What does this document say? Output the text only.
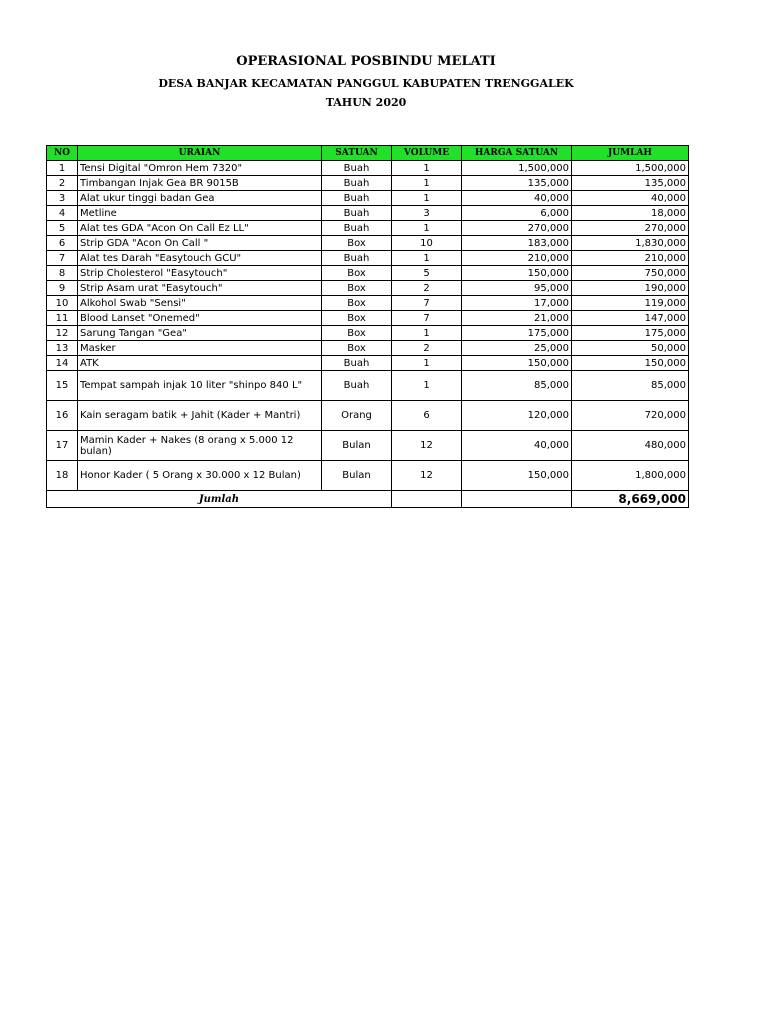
OPERASIONAL POSBINDU MELATI
DESA BANJAR KECAMATAN PANGGUL KABUPATEN TRENGGALEK
TAHUN 2020
NO	URAIAN	SATUAN	VOLUME	HARGA SATUAN	JUMLAH
1	Tensi Digital "Omron Hem 7320"	Buah	1	1,500,000	1,500,000
2	Timbangan Injak Gea BR 9015B	Buah	1	135,000	135,000
3	Alat ukur tinggi badan Gea	Buah	1	40,000	40,000
4	Metline	Buah	3	6,000	18,000
5	Alat tes GDA "Acon On Call Ez LL"	Buah	1	270,000	270,000
6	Strip GDA "Acon On Call "	Box	10	183,000	1,830,000
7	Alat tes Darah "Easytouch GCU"	Buah	1	210,000	210,000
8	Strip Cholesterol "Easytouch"	Box	5	150,000	750,000
9	Strip Asam urat "Easytouch"	Box	2	95,000	190,000
10	Alkohol Swab "Sensi"	Box	7	17,000	119,000
11	Blood Lanset "Onemed"	Box	7	21,000	147,000
12	Sarung Tangan "Gea"	Box	1	175,000	175,000
13	Masker	Box	2	25,000	50,000
14	ATK	Buah	1	150,000	150,000
15	Tempat sampah injak 10 liter "shinpo 840 L"	Buah	1	85,000	85,000
16	Kain seragam batik + Jahit (Kader + Mantri)	Orang	6	120,000	720,000
17	Mamin Kader + Nakes (8 orang x 5.000 12 bulan)	Bulan	12	40,000	480,000
18	Honor Kader ( 5 Orang x 30.000 x 12 Bulan)	Bulan	12	150,000	1,800,000
Jumlah					8,669,000
